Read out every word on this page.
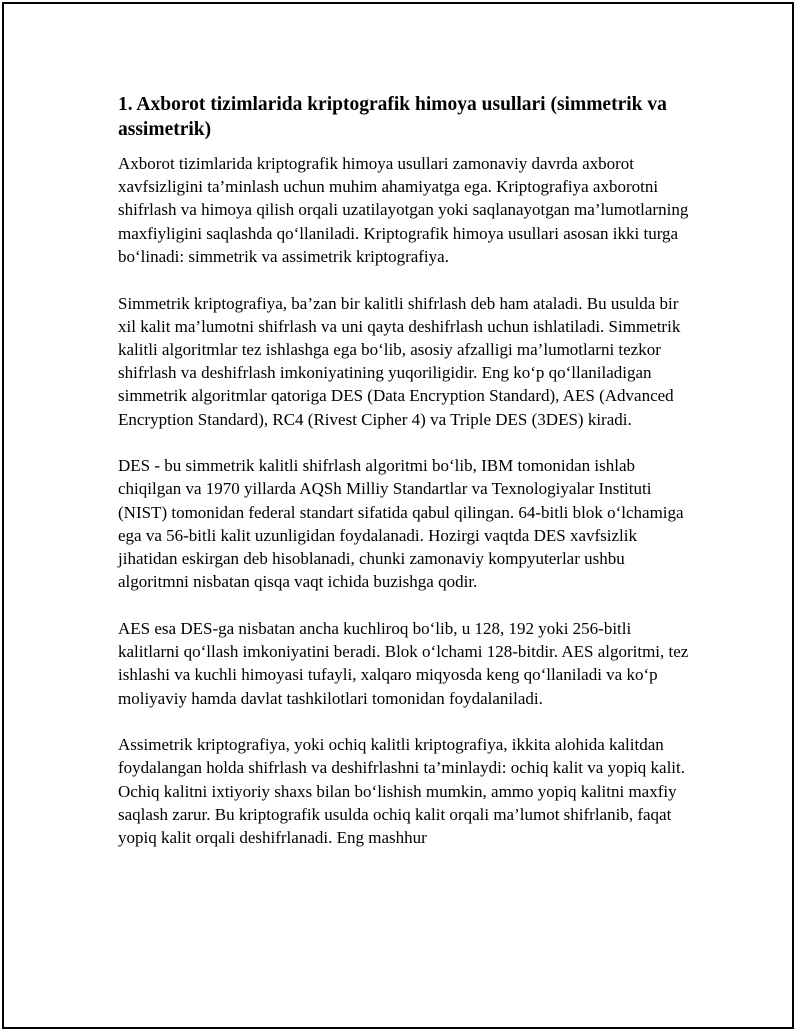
1. Axborot tizimlarida kriptografik himoya usullari (simmetrik va assimetrik)

Axborot tizimlarida kriptografik himoya usullari zamonaviy davrda axborot xavfsizligini ta’minlash uchun muhim ahamiyatga ega. Kriptografiya axborotni shifrlash va himoya qilish orqali uzatilayotgan yoki saqlanayotgan ma’lumotlarning maxfiyligini saqlashda qo‘llaniladi. Kriptografik himoya usullari asosan ikki turga bo‘linadi: simmetrik va assimetrik kriptografiya.

Simmetrik kriptografiya, ba’zan bir kalitli shifrlash deb ham ataladi. Bu usulda bir xil kalit ma’lumotni shifrlash va uni qayta deshifrlash uchun ishlatiladi. Simmetrik kalitli algoritmlar tez ishlashga ega bo‘lib, asosiy afzalligi ma’lumotlarni tezkor shifrlash va deshifrlash imkoniyatining yuqoriligidir. Eng ko‘p qo‘llaniladigan simmetrik algoritmlar qatoriga DES (Data Encryption Standard), AES (Advanced Encryption Standard), RC4 (Rivest Cipher 4) va Triple DES (3DES) kiradi.

DES - bu simmetrik kalitli shifrlash algoritmi bo‘lib, IBM tomonidan ishlab chiqilgan va 1970 yillarda AQSh Milliy Standartlar va Texnologiyalar Instituti (NIST) tomonidan federal standart sifatida qabul qilingan. 64-bitli blok o‘lchamiga ega va 56-bitli kalit uzunligidan foydalanadi. Hozirgi vaqtda DES xavfsizlik jihatidan eskirgan deb hisoblanadi, chunki zamonaviy kompyuterlar ushbu algoritmni nisbatan qisqa vaqt ichida buzishga qodir.

AES esa DES-ga nisbatan ancha kuchliroq bo‘lib, u 128, 192 yoki 256-bitli kalitlarni qo‘llash imkoniyatini beradi. Blok o‘lchami 128-bitdir. AES algoritmi, tez ishlashi va kuchli himoyasi tufayli, xalqaro miqyosda keng qo‘llaniladi va ko‘p moliyaviy hamda davlat tashkilotlari tomonidan foydalaniladi.

Assimetrik kriptografiya, yoki ochiq kalitli kriptografiya, ikkita alohida kalitdan foydalangan holda shifrlash va deshifrlashni ta’minlaydi: ochiq kalit va yopiq kalit. Ochiq kalitni ixtiyoriy shaxs bilan bo‘lishish mumkin, ammo yopiq kalitni maxfiy saqlash zarur. Bu kriptografik usulda ochiq kalit orqali ma’lumot shifrlanib, faqat yopiq kalit orqali deshifrlanadi. Eng mashhur
